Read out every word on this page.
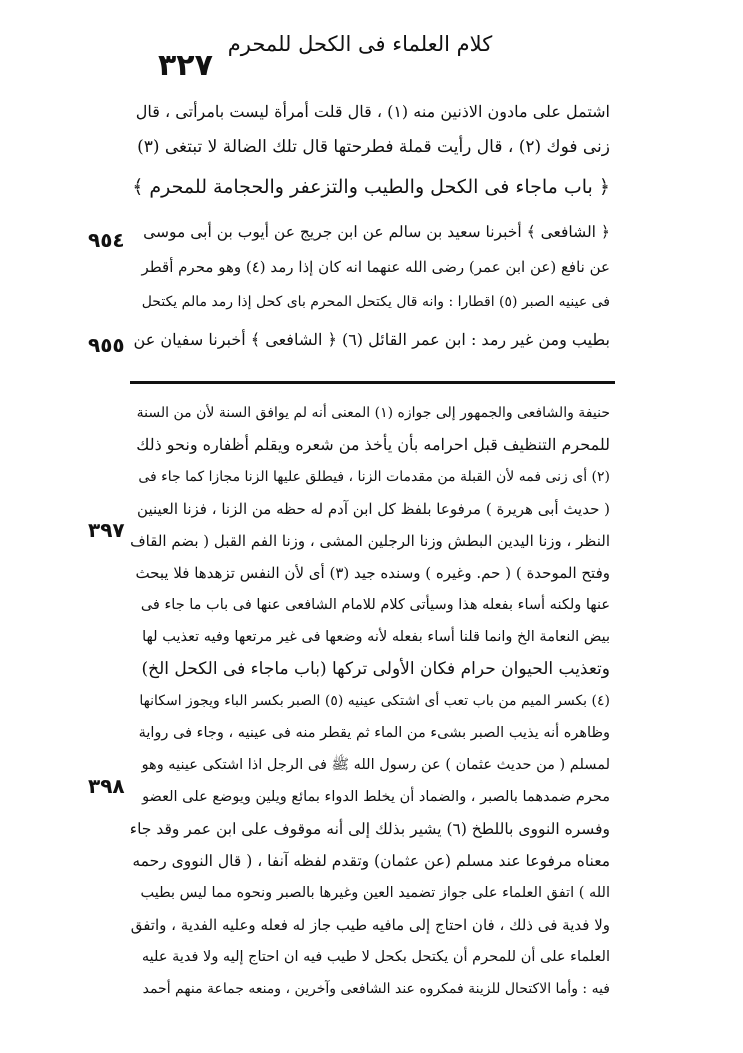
كلام العلماء فى الكحل للمحرم
٣٢٧
اشتمل على مادون الاذنين منه (١) ، قال قلت أمرأة ليست بامرأتى ، قال
زنى فوك (٢) ، قال رأيت قملة فطرحتها قال تلك الضالة لا تبتغى (٣)
﴿ باب ماجاء فى الكحل والطيب والتزعفر والحجامة للمحرم ﴾
﴿ الشافعى ﴾ أخبرنا سعيد بن سالم عن ابن جريج عن أيوب بن أبى موسى
عن نافع (عن ابن عمر) رضى الله عنهما انه كان إذا رمد (٤) وهو محرم أقطر
فى عينيه الصبر (٥) اقطارا : وانه قال يكتحل المحرم باى كحل إذا رمد مالم يكتحل
بطيب ومن غير رمد : ابن عمر القائل (٦) ﴿ الشافعى ﴾ أخبرنا سفيان عن
٩٥٤
٩٥٥
حنيفة والشافعى والجمهور إلى جوازه (١) المعنى أنه لم يوافق السنة لأن من السنة
للمحرم التنظيف قبل احرامه بأن يأخذ من شعره ويقلم أظفاره ونحو ذلك
(٢) أى زنى فمه لأن القبلة من مقدمات الزنا ، فيطلق عليها الزنا مجازا كما جاء فى
( حديث أبى هريرة ) مرفوعا بلفظ كل ابن آدم له حظه من الزنا ، فزنا العينين
النظر ، وزنا اليدين البطش وزنا الرجلين المشى ، وزنا الفم القبل ( بضم القاف
وفتح الموحدة ) ( حم. وغيره ) وسنده جيد (٣) أى لأن النفس تزهدها فلا يبحث
عنها ولكنه أساء بفعله هذا وسيأتى كلام للامام الشافعى عنها فى باب ما جاء فى
بيض النعامة الخ وانما قلنا أساء بفعله لأنه وضعها فى غير مرتعها وفيه تعذيب لها
وتعذيب الحيوان حرام فكان الأولى تركها (باب ماجاء فى الكحل الخ)
(٤) بكسر الميم من باب تعب أى اشتكى عينيه (٥) الصبر بكسر الباء ويجوز اسكانها
وظاهره أنه يذيب الصبر بشىء من الماء ثم يقطر منه فى عينيه ، وجاء فى رواية
لمسلم ( من حديث عثمان ) عن رسول الله ﷺ فى الرجل اذا اشتكى عينيه وهو
محرم ضمدهما بالصبر ، والضماد أن يخلط الدواء بمائع ويلين ويوضع على العضو
وفسره النووى باللطخ (٦) يشير بذلك إلى أنه موقوف على ابن عمر وقد جاء
معناه مرفوعا عند مسلم (عن عثمان) وتقدم لفظه آنفا ، ( قال النووى رحمه
الله ) اتفق العلماء على جواز تضميد العين وغيرها بالصبر ونحوه مما ليس بطيب
ولا فدية فى ذلك ، فان احتاج إلى مافيه طيب جاز له فعله وعليه الفدية ، واتفق
العلماء على أن للمحرم أن يكتحل بكحل لا طيب فيه ان احتاج إليه ولا فدية عليه
فيه : وأما الاكتحال للزينة فمكروه عند الشافعى وآخرين ، ومنعه جماعة منهم أحمد
٣٩٧
٣٩٨
